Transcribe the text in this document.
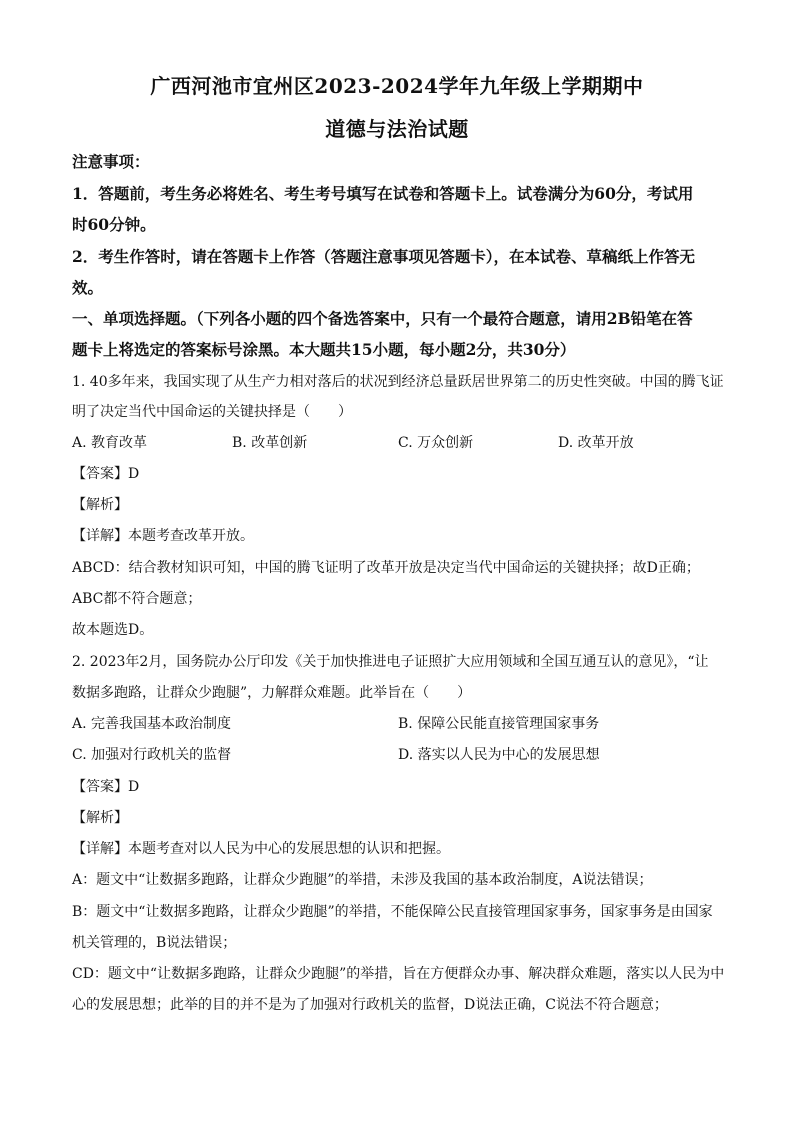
广西河池市宜州区2023-2024学年九年级上学期期中
道德与法治试题
注意事项：
1．答题前，考生务必将姓名、考生考号填写在试卷和答题卡上。试卷满分为60分，考试用
时60分钟。
2．考生作答时，请在答题卡上作答（答题注意事项见答题卡），在本试卷、草稿纸上作答无
效。
一、单项选择题。（下列各小题的四个备选答案中，只有一个最符合题意，请用2B铅笔在答
题卡上将选定的答案标号涂黑。本大题共15小题，每小题2分，共30分）
1. 40多年来，我国实现了从生产力相对落后的状况到经济总量跃居世界第二的历史性突破。中国的腾飞证
明了决定当代中国命运的关键抉择是（　　）
A. 教育改革	B. 改革创新	C. 万众创新	D. 改革开放
【答案】D
【解析】
【详解】本题考查改革开放。
ABCD：结合教材知识可知，中国的腾飞证明了改革开放是决定当代中国命运的关键抉择；故D正确；
ABC都不符合题意；
故本题选D。
2. 2023年2月，国务院办公厅印发《关于加快推进电子证照扩大应用领域和全国互通互认的意见》，“让
数据多跑路，让群众少跑腿”，力解群众难题。此举旨在（　　）
A. 完善我国基本政治制度	B. 保障公民能直接管理国家事务
C. 加强对行政机关的监督	D. 落实以人民为中心的发展思想
【答案】D
【解析】
【详解】本题考查对以人民为中心的发展思想的认识和把握。
A：题文中“让数据多跑路，让群众少跑腿”的举措，未涉及我国的基本政治制度，A说法错误；
B：题文中“让数据多跑路，让群众少跑腿”的举措，不能保障公民直接管理国家事务，国家事务是由国家
机关管理的，B说法错误；
CD：题文中“让数据多跑路，让群众少跑腿”的举措，旨在方便群众办事、解决群众难题，落实以人民为中
心的发展思想；此举的目的并不是为了加强对行政机关的监督，D说法正确，C说法不符合题意；
